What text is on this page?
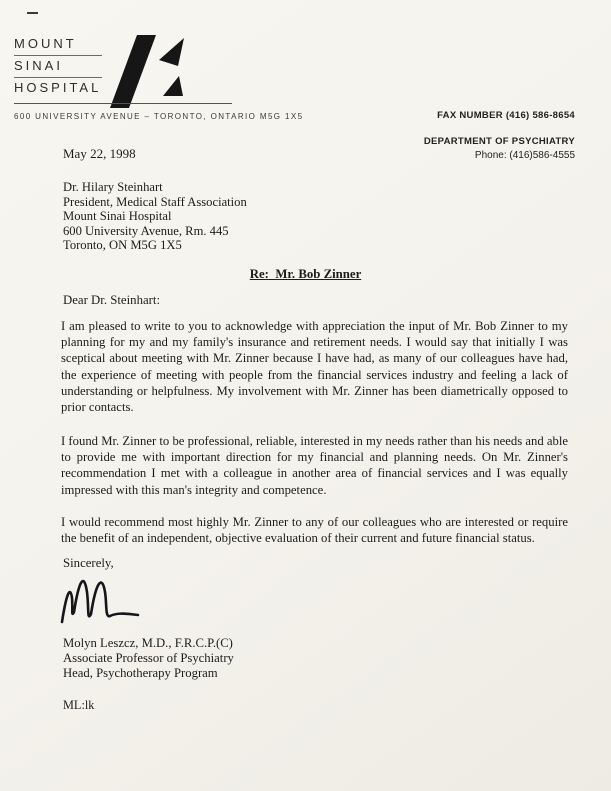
MOUNT
SINAI
HOSPITAL
600 UNIVERSITY AVENUE – TORONTO, ONTARIO M5G 1X5	FAX NUMBER (416) 586-8654
DEPARTMENT OF PSYCHIATRY
Phone: (416)586-4555
May 22, 1998
Dr. Hilary Steinhart
President, Medical Staff Association
Mount Sinai Hospital
600 University Avenue, Rm. 445
Toronto, ON M5G 1X5
Re:  Mr. Bob Zinner
Dear Dr. Steinhart:
I am pleased to write to you to acknowledge with appreciation the input of Mr. Bob Zinner to my planning for my and my family's insurance and retirement needs. I would say that initially I was sceptical about meeting with Mr. Zinner because I have had, as many of our colleagues have had, the experience of meeting with people from the financial services industry and feeling a lack of understanding or helpfulness. My involvement with Mr. Zinner has been diametrically opposed to prior contacts.
I found Mr. Zinner to be professional, reliable, interested in my needs rather than his needs and able to provide me with important direction for my financial and planning needs. On Mr. Zinner's recommendation I met with a colleague in another area of financial services and I was equally impressed with this man's integrity and competence.
I would recommend most highly Mr. Zinner to any of our colleagues who are interested or require the benefit of an independent, objective evaluation of their current and future financial status.
Sincerely,
Molyn Leszcz, M.D., F.R.C.P.(C)
Associate Professor of Psychiatry
Head, Psychotherapy Program
ML:lk
